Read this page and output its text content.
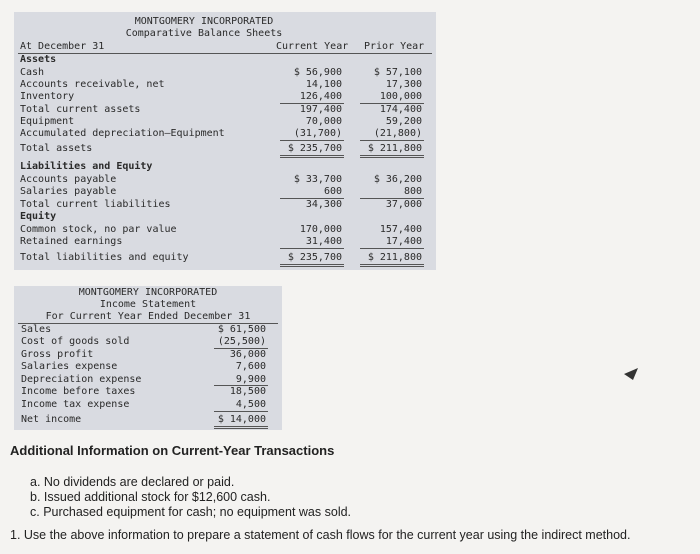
MONTGOMERY INCORPORATED
Comparative Balance Sheets
At December 31	Current Year Prior Year
Assets
Cash	$ 56,900	$ 57,100
Accounts receivable, net	14,100	17,300
Inventory	126,400	100,000
Total current assets	197,400	174,400
Equipment	70,000	59,200
Accumulated depreciation—Equipment	(31,700)	(21,800)
Total assets	$ 235,700	$ 211,800
Liabilities and Equity
Accounts payable	$ 33,700	$ 36,200
Salaries payable	600	800
Total current liabilities	34,300	37,000
Equity
Common stock, no par value	170,000	157,400
Retained earnings	31,400	17,400
Total liabilities and equity	$ 235,700	$ 211,800
MONTGOMERY INCORPORATED
Income Statement
For Current Year Ended December 31
Sales	$ 61,500
Cost of goods sold	(25,500)
Gross profit	36,000
Salaries expense	7,600
Depreciation expense	9,900
Income before taxes	18,500
Income tax expense	4,500
Net income	$ 14,000
Additional Information on Current-Year Transactions
a. No dividends are declared or paid.
b. Issued additional stock for $12,600 cash.
c. Purchased equipment for cash; no equipment was sold.
1. Use the above information to prepare a statement of cash flows for the current year using the indirect method.
